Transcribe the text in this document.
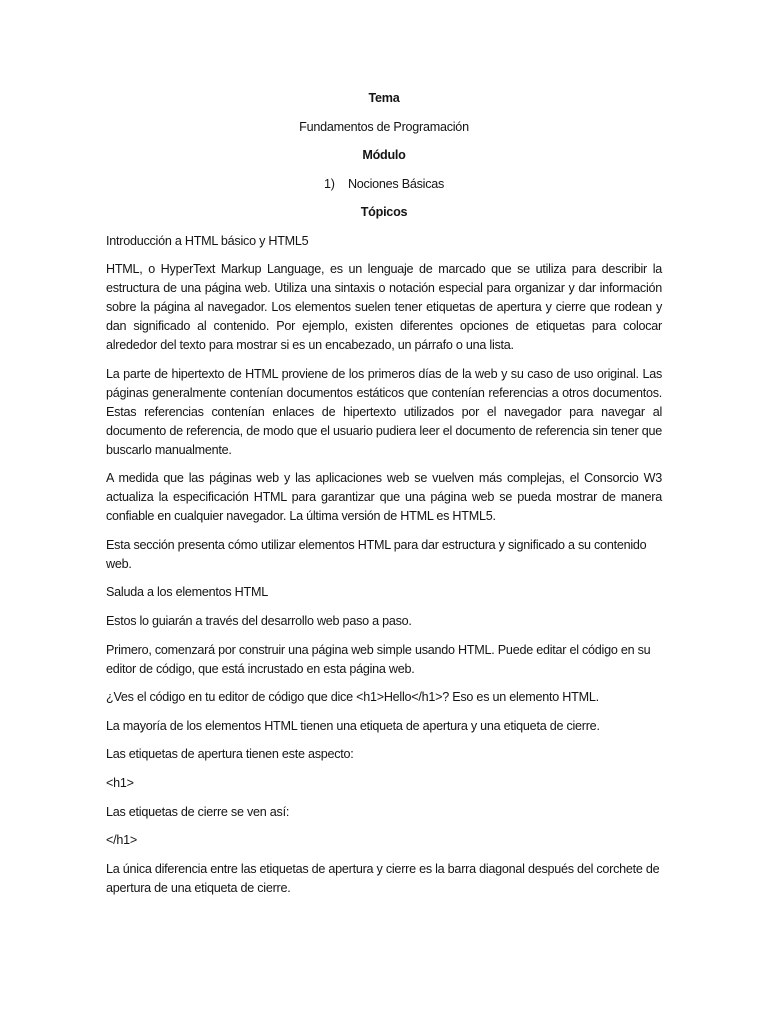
Tema
Fundamentos de Programación
Módulo
1) Nociones Básicas
Tópicos

Introducción a HTML básico y HTML5

HTML, o HyperText Markup Language, es un lenguaje de marcado que se utiliza para describir la estructura de una página web. Utiliza una sintaxis o notación especial para organizar y dar información sobre la página al navegador. Los elementos suelen tener etiquetas de apertura y cierre que rodean y dan significado al contenido. Por ejemplo, existen diferentes opciones de etiquetas para colocar alrededor del texto para mostrar si es un encabezado, un párrafo o una lista.

La parte de hipertexto de HTML proviene de los primeros días de la web y su caso de uso original. Las páginas generalmente contenían documentos estáticos que contenían referencias a otros documentos. Estas referencias contenían enlaces de hipertexto utilizados por el navegador para navegar al documento de referencia, de modo que el usuario pudiera leer el documento de referencia sin tener que buscarlo manualmente.

A medida que las páginas web y las aplicaciones web se vuelven más complejas, el Consorcio W3 actualiza la especificación HTML para garantizar que una página web se pueda mostrar de manera confiable en cualquier navegador. La última versión de HTML es HTML5.

Esta sección presenta cómo utilizar elementos HTML para dar estructura y significado a su contenido web.

Saluda a los elementos HTML

Estos lo guiarán a través del desarrollo web paso a paso.

Primero, comenzará por construir una página web simple usando HTML. Puede editar el código en su editor de código, que está incrustado en esta página web.

¿Ves el código en tu editor de código que dice <h1>Hello</h1>? Eso es un elemento HTML.

La mayoría de los elementos HTML tienen una etiqueta de apertura y una etiqueta de cierre.

Las etiquetas de apertura tienen este aspecto:

<h1>

Las etiquetas de cierre se ven así:

</h1>

La única diferencia entre las etiquetas de apertura y cierre es la barra diagonal después del corchete de apertura de una etiqueta de cierre.
